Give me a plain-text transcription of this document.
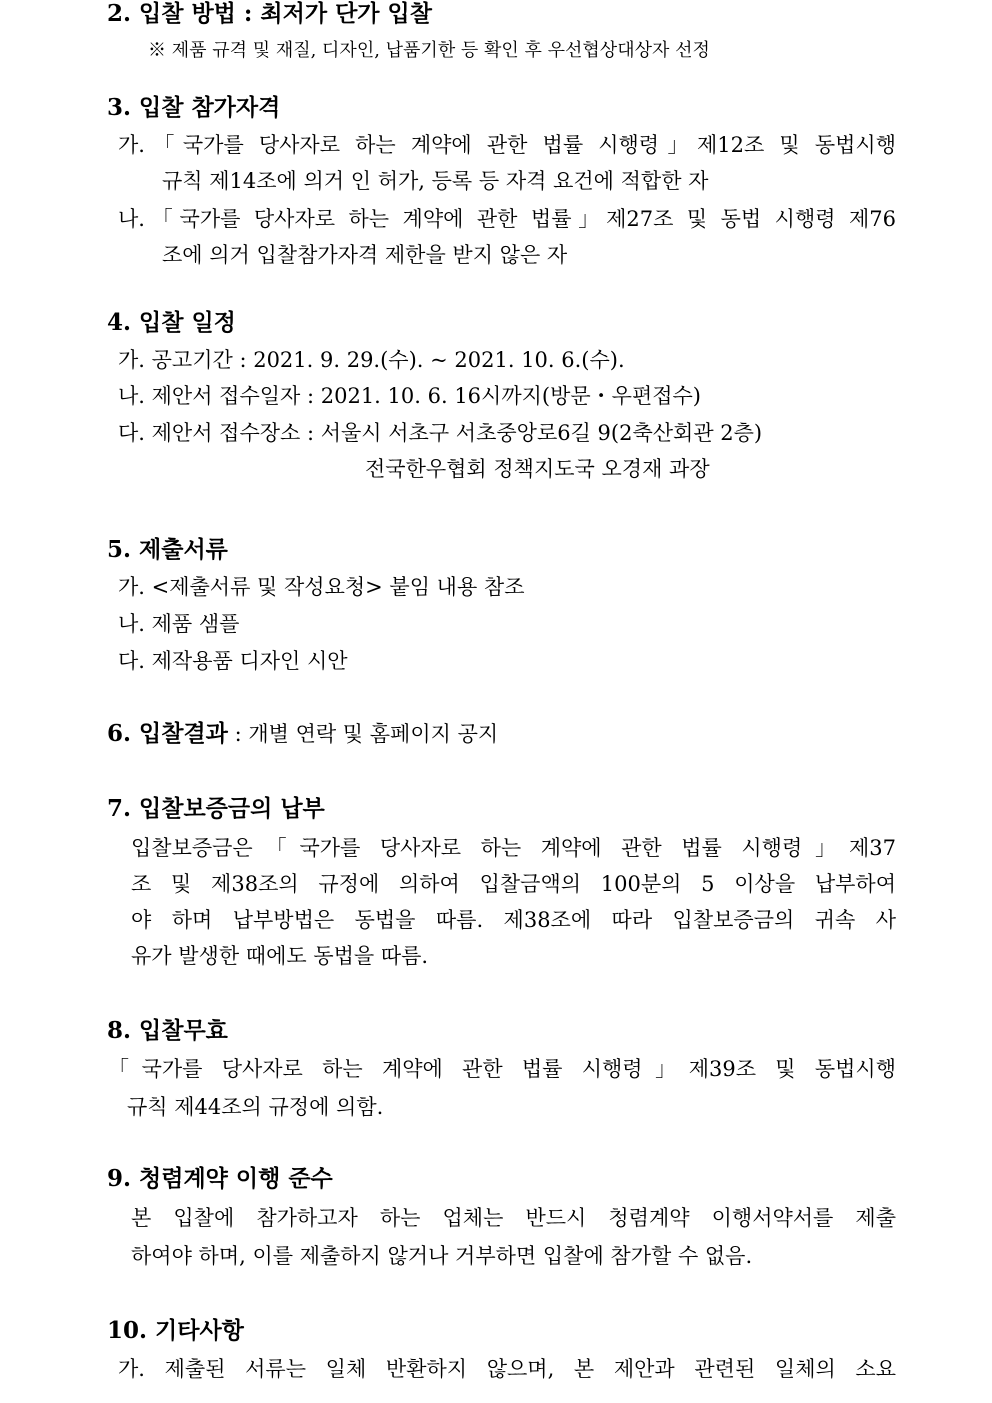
2. 입찰 방법 : 최저가 단가 입찰
※ 제품 규격 및 재질, 디자인, 납품기한 등 확인 후 우선협상대상자 선정
3. 입찰 참가자격
가.「국가를 당사자로 하는 계약에 관한 법률 시행령」제12조 및 동법시행
규칙 제14조에 의거 인 허가, 등록 등 자격 요건에 적합한 자
나.「국가를 당사자로 하는 계약에 관한 법률」제27조 및 동법 시행령 제76
조에 의거 입찰참가자격 제한을 받지 않은 자
4. 입찰 일정
가. 공고기간 : 2021. 9. 29.(수). ~ 2021. 10. 6.(수).
나. 제안서 접수일자 : 2021. 10. 6. 16시까지(방문・우편접수)
다. 제안서 접수장소 : 서울시 서초구 서초중앙로6길 9(2축산회관 2층)
전국한우협회 정책지도국 오경재 과장
5. 제출서류
가. <제출서류 및 작성요청> 붙임 내용 참조
나. 제품 샘플
다. 제작용품 디자인 시안
6. 입찰결과 : 개별 연락 및 홈페이지 공지
7. 입찰보증금의 납부
입찰보증금은「국가를 당사자로 하는 계약에 관한 법률 시행령」제37
조 및 제38조의 규정에 의하여 입찰금액의 100분의 5 이상을 납부하여
야 하며 납부방법은 동법을 따름. 제38조에 따라 입찰보증금의 귀속 사
유가 발생한 때에도 동법을 따름.
8. 입찰무효
「국가를 당사자로 하는 계약에 관한 법률 시행령」제39조 및 동법시행
규칙 제44조의 규정에 의함.
9. 청렴계약 이행 준수
본 입찰에 참가하고자 하는 업체는 반드시 청렴계약 이행서약서를 제출
하여야 하며, 이를 제출하지 않거나 거부하면 입찰에 참가할 수 없음.
10. 기타사항
가. 제출된 서류는 일체 반환하지 않으며, 본 제안과 관련된 일체의 소요
